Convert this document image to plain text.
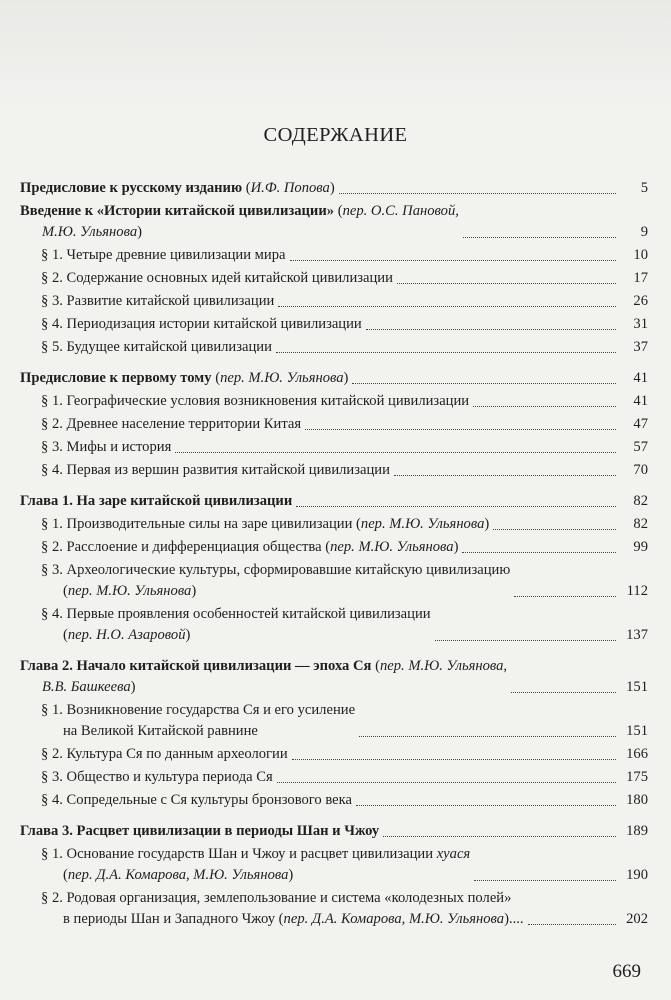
СОДЕРЖАНИЕ
Предисловие к русскому изданию (И.Ф. Попова)	5
Введение к «Истории китайской цивилизации» (пер. О.С. Пановой,
М.Ю. Ульянова)	9
§ 1. Четыре древние цивилизации мира	10
§ 2. Содержание основных идей китайской цивилизации	17
§ 3. Развитие китайской цивилизации	26
§ 4. Периодизация истории китайской цивилизации	31
§ 5. Будущее китайской цивилизации	37
Предисловие к первому тому (пер. М.Ю. Ульянова)	41
§ 1. Географические условия возникновения китайской цивилизации	41
§ 2. Древнее население территории Китая	47
§ 3. Мифы и история	57
§ 4. Первая из вершин развития китайской цивилизации	70
Глава 1. На заре китайской цивилизации	82
§ 1. Производительные силы на заре цивилизации (пер. М.Ю. Ульянова)	82
§ 2. Расслоение и дифференциация общества (пер. М.Ю. Ульянова)	99
§ 3. Археологические культуры, сформировавшие китайскую цивилизацию
(пер. М.Ю. Ульянова)	112
§ 4. Первые проявления особенностей китайской цивилизации
(пер. Н.О. Азаровой)	137
Глава 2. Начало китайской цивилизации — эпоха Ся (пер. М.Ю. Ульянова,
В.В. Башкеева)	151
§ 1. Возникновение государства Ся и его усиление
на Великой Китайской равнине	151
§ 2. Культура Ся по данным археологии	166
§ 3. Общество и культура периода Ся	175
§ 4. Сопредельные с Ся культуры бронзового века	180
Глава 3. Расцвет цивилизации в периоды Шан и Чжоу	189
§ 1. Основание государств Шан и Чжоу и расцвет цивилизации хуася
(пер. Д.А. Комарова, М.Ю. Ульянова)	190
§ 2. Родовая организация, землепользование и система «колодезных полей»
в периоды Шан и Западного Чжоу (пер. Д.А. Комарова, М.Ю. Ульянова)....	202
669
